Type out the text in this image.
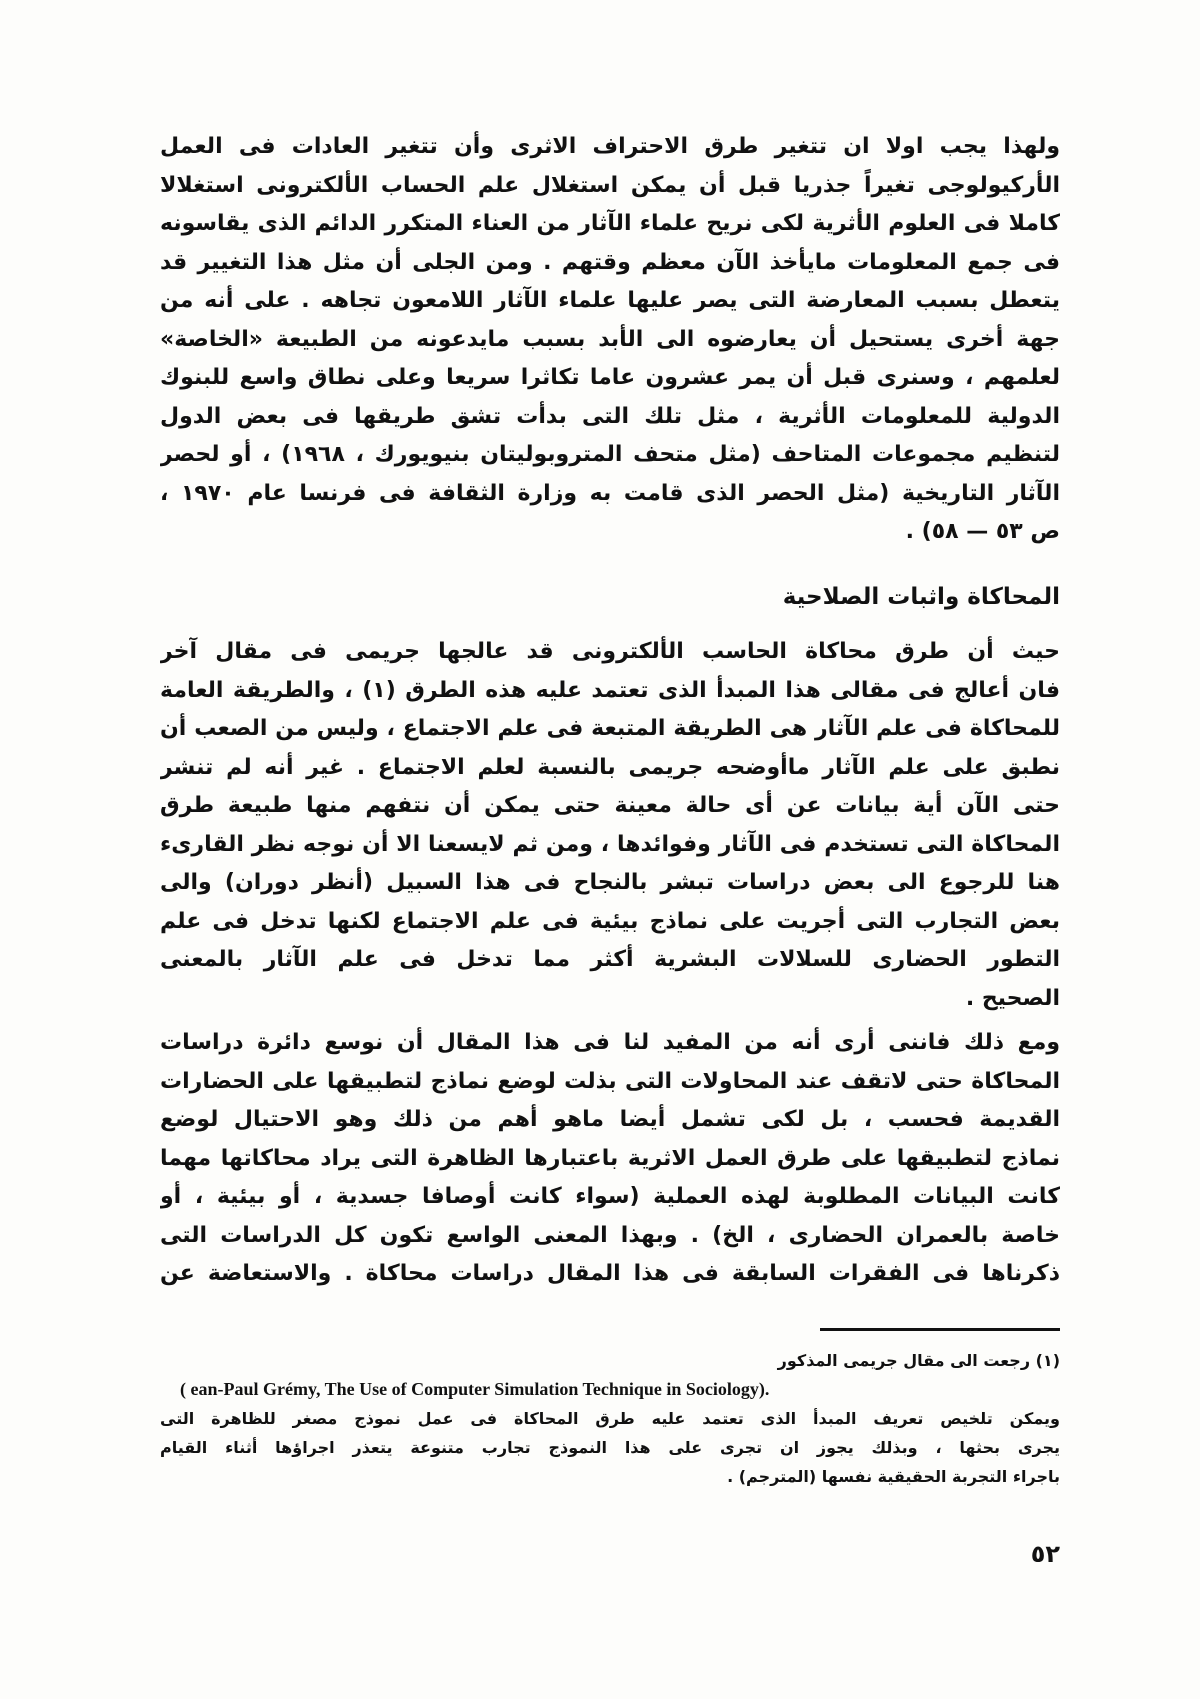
ولهذا يجب اولا ان تتغير طرق الاحتراف الاثرى وأن تتغير العادات فى العمل
الأركيولوجى تغيراً جذريا قبل أن يمكن استغلال علم الحساب الألكترونى استغلالا
كاملا فى العلوم الأثرية لكى نريح علماء الآثار من العناء المتكرر الدائم الذى يقاسونه
فى جمع المعلومات مايأخذ الآن معظم وقتهم . ومن الجلى أن مثل هذا التغيير قد
يتعطل بسبب المعارضة التى يصر عليها علماء الآثار اللامعون تجاهه . على أنه من
جهة أخرى يستحيل أن يعارضوه الى الأبد بسبب مايدعونه من الطبيعة «الخاصة»
لعلمهم ، وسنرى قبل أن يمر عشرون عاما تكاثرا سريعا وعلى نطاق واسع للبنوك
الدولية للمعلومات الأثرية ، مثل تلك التى بدأت تشق طريقها فى بعض الدول
لتنظيم مجموعات المتاحف (مثل متحف المتروبوليتان بنيويورك ، ١٩٦٨) ، أو لحصر
الآثار التاريخية (مثل الحصر الذى قامت به وزارة الثقافة فى فرنسا عام ١٩٧٠ ،
ص ٥٣ — ٥٨) .
المحاكاة واثبات الصلاحية
حيث أن طرق محاكاة الحاسب الألكترونى قد عالجها جريمى فى مقال آخر
فان أعالج فى مقالى هذا المبدأ الذى تعتمد عليه هذه الطرق (١) ، والطريقة العامة
للمحاكاة فى علم الآثار هى الطريقة المتبعة فى علم الاجتماع ، وليس من الصعب أن
نطبق على علم الآثار ماأوضحه جريمى بالنسبة لعلم الاجتماع . غير أنه لم تنشر
حتى الآن أية بيانات عن أى حالة معينة حتى يمكن أن نتفهم منها طبيعة طرق
المحاكاة التى تستخدم فى الآثار وفوائدها ، ومن ثم لايسعنا الا أن نوجه نظر القارىء
هنا للرجوع الى بعض دراسات تبشر بالنجاح فى هذا السبيل (أنظر دوران) والى
بعض التجارب التى أجريت على نماذج بيئية فى علم الاجتماع لكنها تدخل فى علم
التطور الحضارى للسلالات البشرية أكثر مما تدخل فى علم الآثار بالمعنى
الصحيح .
ومع ذلك فاننى أرى أنه من المفيد لنا فى هذا المقال أن نوسع دائرة دراسات
المحاكاة حتى لاتقف عند المحاولات التى بذلت لوضع نماذج لتطبيقها على الحضارات
القديمة فحسب ، بل لكى تشمل أيضا ماهو أهم من ذلك وهو الاحتيال لوضع
نماذج لتطبيقها على طرق العمل الاثرية باعتبارها الظاهرة التى يراد محاكاتها مهما
كانت البيانات المطلوبة لهذه العملية (سواء كانت أوصافا جسدية ، أو بيئية ، أو
خاصة بالعمران الحضارى ، الخ) . وبهذا المعنى الواسع تكون كل الدراسات التى
ذكرناها فى الفقرات السابقة فى هذا المقال دراسات محاكاة . والاستعاضة عن
(١) رجعت الى مقال جريمى المذكور
( ean-Paul Grémy, The Use of Computer Simulation Technique in Sociology).
ويمكن تلخيص تعريف المبدأ الذى تعتمد عليه طرق المحاكاة فى عمل نموذج مصغر للظاهرة التى
يجرى بحثها ، وبذلك يجوز ان تجرى على هذا النموذج تجارب متنوعة يتعذر اجراؤها أثناء القيام
باجراء التجربة الحقيقية نفسها (المترجم) .
٥٢
